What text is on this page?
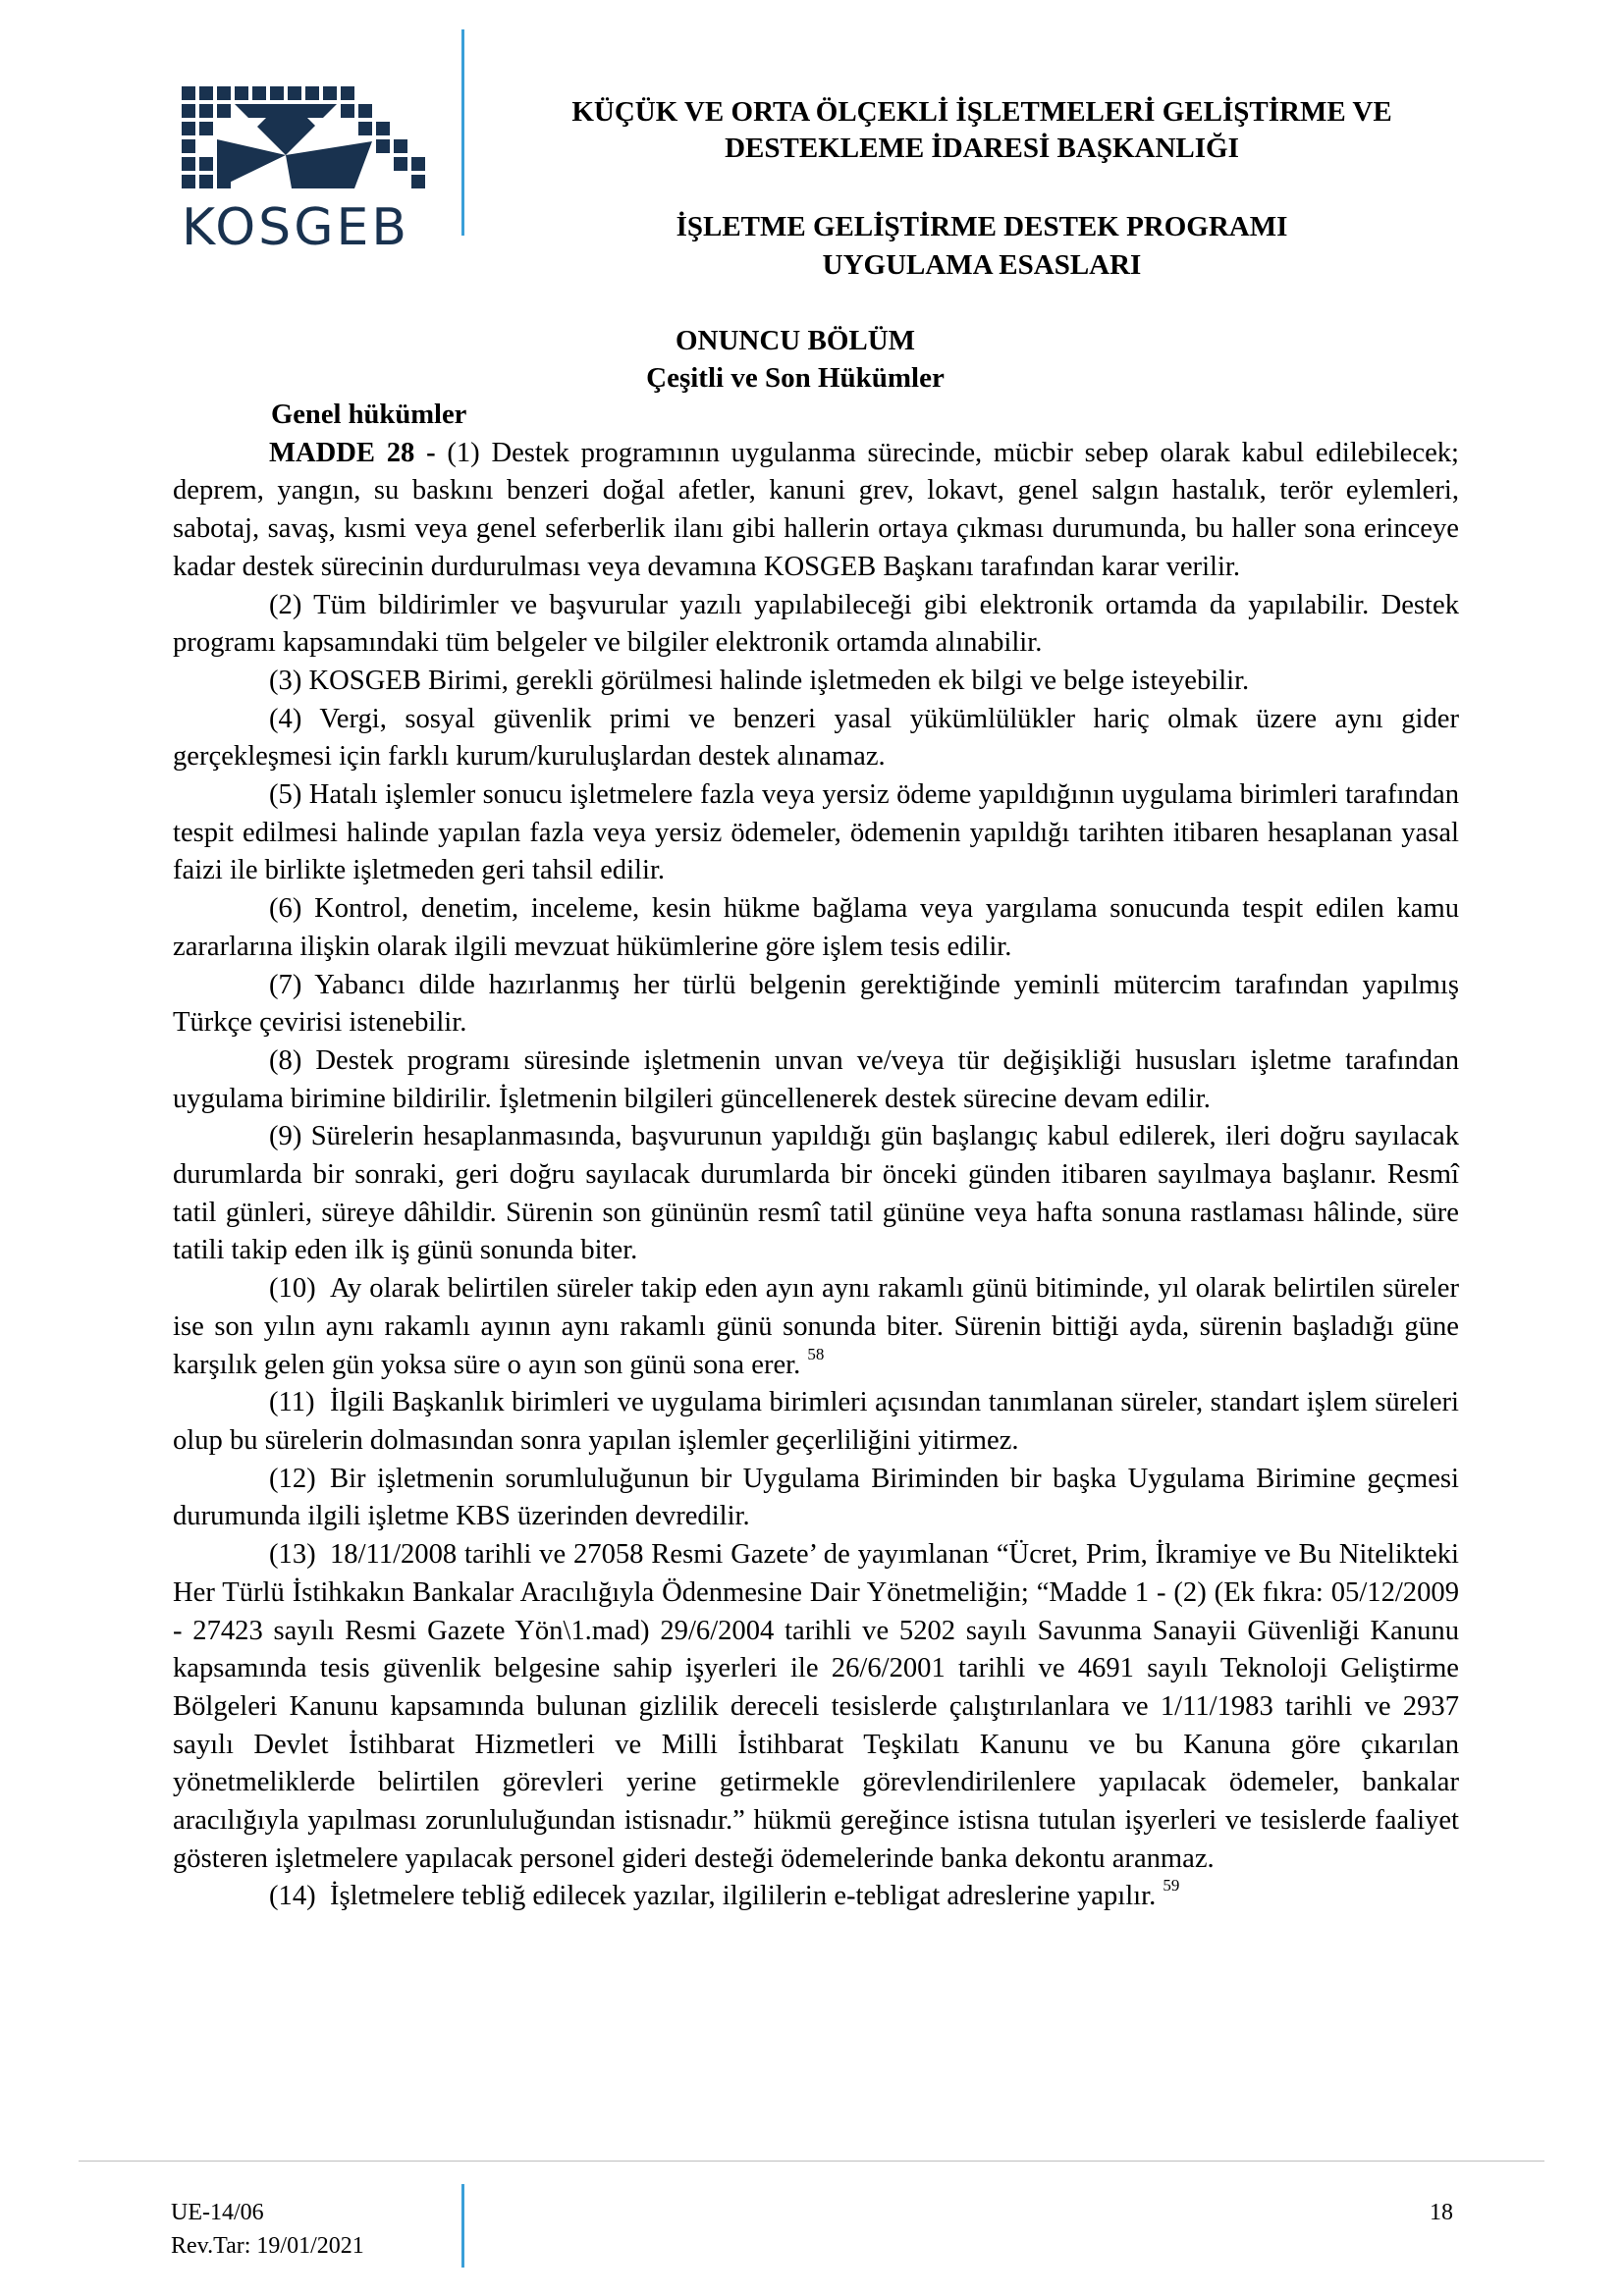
KOSGEB
KÜÇÜK VE ORTA ÖLÇEKLİ İŞLETMELERİ GELİŞTİRME VE
DESTEKLEME İDARESİ BAŞKANLIĞI
İŞLETME GELİŞTİRME DESTEK PROGRAMI
UYGULAMA ESASLARI
ONUNCU BÖLÜM
Çeşitli ve Son Hükümler

Genel hükümler

MADDE 28 - (1) Destek programının uygulanma sürecinde, mücbir sebep olarak kabul edilebilecek; deprem, yangın, su baskını benzeri doğal afetler, kanuni grev, lokavt, genel salgın hastalık, terör eylemleri, sabotaj, savaş, kısmi veya genel seferberlik ilanı gibi hallerin ortaya çıkması durumunda, bu haller sona erinceye kadar destek sürecinin durdurulması veya devamına KOSGEB Başkanı tarafından karar verilir.

(2) Tüm bildirimler ve başvurular yazılı yapılabileceği gibi elektronik ortamda da yapılabilir. Destek programı kapsamındaki tüm belgeler ve bilgiler elektronik ortamda alınabilir.

(3) KOSGEB Birimi, gerekli görülmesi halinde işletmeden ek bilgi ve belge isteyebilir.

(4) Vergi, sosyal güvenlik primi ve benzeri yasal yükümlülükler hariç olmak üzere aynı gider gerçekleşmesi için farklı kurum/kuruluşlardan destek alınamaz.

(5) Hatalı işlemler sonucu işletmelere fazla veya yersiz ödeme yapıldığının uygulama birimleri tarafından tespit edilmesi halinde yapılan fazla veya yersiz ödemeler, ödemenin yapıldığı tarihten itibaren hesaplanan yasal faizi ile birlikte işletmeden geri tahsil edilir.

(6) Kontrol, denetim, inceleme, kesin hükme bağlama veya yargılama sonucunda tespit edilen kamu zararlarına ilişkin olarak ilgili mevzuat hükümlerine göre işlem tesis edilir.

(7) Yabancı dilde hazırlanmış her türlü belgenin gerektiğinde yeminli mütercim tarafından yapılmış Türkçe çevirisi istenebilir.

(8) Destek programı süresinde işletmenin unvan ve/veya tür değişikliği hususları işletme tarafından uygulama birimine bildirilir. İşletmenin bilgileri güncellenerek destek sürecine devam edilir.

(9) Sürelerin hesaplanmasında, başvurunun yapıldığı gün başlangıç kabul edilerek, ileri doğru sayılacak durumlarda bir sonraki, geri doğru sayılacak durumlarda bir önceki günden itibaren sayılmaya başlanır. Resmî tatil günleri, süreye dâhildir. Sürenin son gününün resmî tatil gününe veya hafta sonuna rastlaması hâlinde, süre tatili takip eden ilk iş günü sonunda biter.

(10) Ay olarak belirtilen süreler takip eden ayın aynı rakamlı günü bitiminde, yıl olarak belirtilen süreler ise son yılın aynı rakamlı ayının aynı rakamlı günü sonunda biter. Sürenin bittiği ayda, sürenin başladığı güne karşılık gelen gün yoksa süre o ayın son günü sona erer. $^{58}$

(11) İlgili Başkanlık birimleri ve uygulama birimleri açısından tanımlanan süreler, standart işlem süreleri olup bu sürelerin dolmasından sonra yapılan işlemler geçerliliğini yitirmez.

(12) Bir işletmenin sorumluluğunun bir Uygulama Biriminden bir başka Uygulama Birimine geçmesi durumunda ilgili işletme KBS üzerinden devredilir.

(13) 18/11/2008 tarihli ve 27058 Resmi Gazete’ de yayımlanan “Ücret, Prim, İkramiye ve Bu Nitelikteki Her Türlü İstihkakın Bankalar Aracılığıyla Ödenmesine Dair Yönetmeliğin; “Madde 1 - (2) (Ek fıkra: 05/12/2009 - 27423 sayılı Resmi Gazete Yön\1.mad) 29/6/2004 tarihli ve 5202 sayılı Savunma Sanayii Güvenliği Kanunu kapsamında tesis güvenlik belgesine sahip işyerleri ile 26/6/2001 tarihli ve 4691 sayılı Teknoloji Geliştirme Bölgeleri Kanunu kapsamında bulunan gizlilik dereceli tesislerde çalıştırılanlara ve 1/11/1983 tarihli ve 2937 sayılı Devlet İstihbarat Hizmetleri ve Milli İstihbarat Teşkilatı Kanunu ve bu Kanuna göre çıkarılan yönetmeliklerde belirtilen görevleri yerine getirmekle görevlendirilenlere yapılacak ödemeler, bankalar aracılığıyla yapılması zorunluluğundan istisnadır.” hükmü gereğince istisna tutulan işyerleri ve tesislerde faaliyet gösteren işletmelere yapılacak personel gideri desteği ödemelerinde banka dekontu aranmaz.

(14) İşletmelere tebliğ edilecek yazılar, ilgililerin e-tebligat adreslerine yapılır. $^{59}$

UE-14/06
Rev.Tar: 19/01/2021
18
